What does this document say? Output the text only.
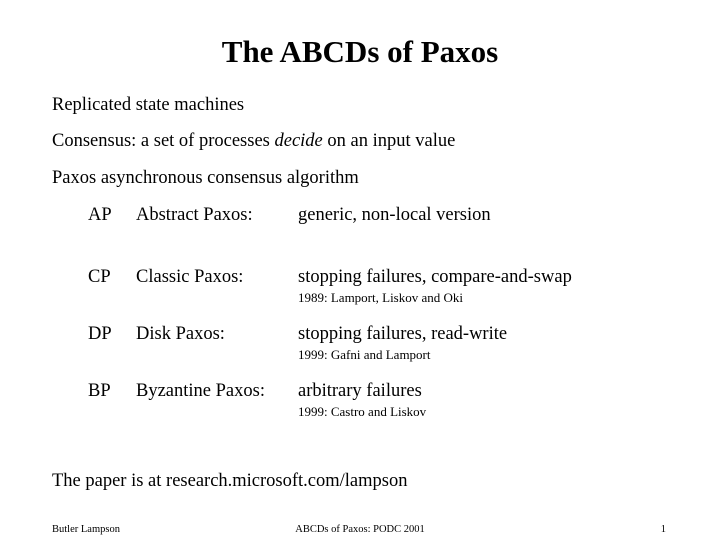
The ABCDs of Paxos
Replicated state machines
Consensus: a set of processes decide on an input value
Paxos asynchronous consensus algorithm
AP Abstract Paxos: generic, non-local version
CP Classic Paxos:	stopping failures, compare-and-swap
1989: Lamport, Liskov and Oki
DP Disk Paxos:	stopping failures, read-write
1999: Gafni and Lamport
BP Byzantine Paxos: arbitrary failures
1999: Castro and Liskov
The paper is at research.microsoft.com/lampson
Butler Lampson	ABCDs of Paxos: PODC 2001	1
